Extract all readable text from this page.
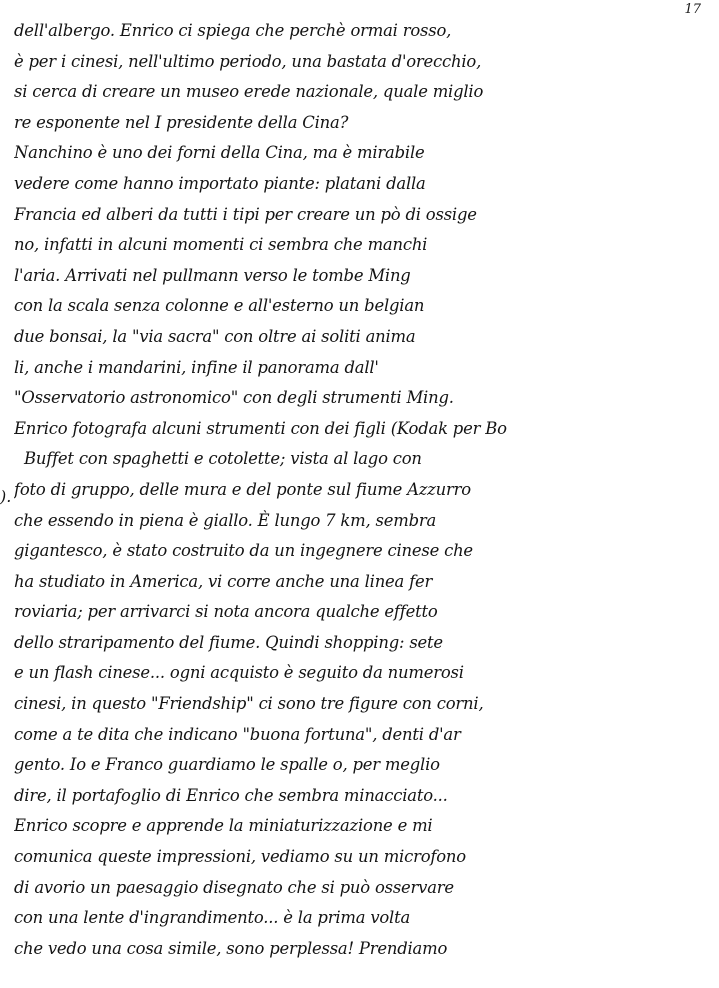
17
).
dell'albergo. Enrico ci spiega che perchè ormai rosso,
è per i cinesi, nell'ultimo periodo, una bastata d'orecchio,
si cerca di creare un museo erede nazionale, quale miglio
re esponente nel I presidente della Cina?
Nanchino è uno dei forni della Cina, ma è mirabile
vedere come hanno importato piante: platani dalla
Francia ed alberi da tutti i tipi per creare un pò di ossige
no, infatti in alcuni momenti ci sembra che manchi
l'aria. Arrivati nel pullmann verso le tombe Ming
con la scala senza colonne e all'esterno un belgian
due bonsai, la "via sacra" con oltre ai soliti anima
li, anche i mandarini, infine il panorama dall'
"Osservatorio astronomico" con degli strumenti Ming.
Enrico fotografa alcuni strumenti con dei figli (Kodak per Bo
Buffet con spaghetti e cotolette; vista al lago con
foto di gruppo, delle mura e del ponte sul fiume Azzurro
che essendo in piena è giallo. È lungo 7 km, sembra
gigantesco, è stato costruito da un ingegnere cinese che
ha studiato in America, vi corre anche una linea fer
roviaria; per arrivarci si nota ancora qualche effetto
dello straripamento del fiume. Quindi shopping: sete
e un flash cinese... ogni acquisto è seguito da numerosi
cinesi, in questo "Friendship" ci sono tre figure con corni,
come a te dita che indicano "buona fortuna", denti d'ar
gento. Io e Franco guardiamo le spalle o, per meglio
dire, il portafoglio di Enrico che sembra minacciato...
Enrico scopre e apprende la miniaturizzazione e mi
comunica queste impressioni, vediamo su un microfono
di avorio un paesaggio disegnato che si può osservare
con una lente d'ingrandimento... è la prima volta
che vedo una cosa simile, sono perplessa! Prendiamo
